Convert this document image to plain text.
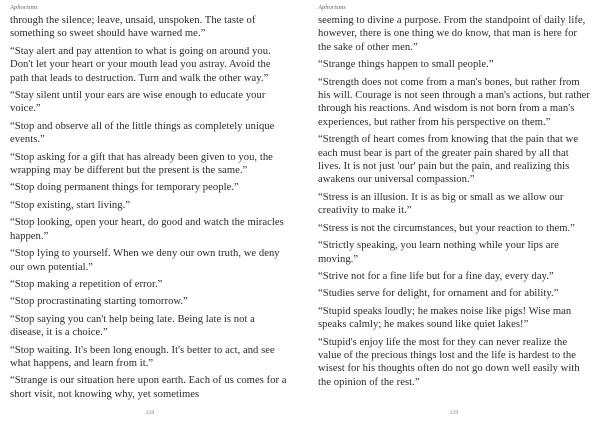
Aphorisms

through the silence; leave, unsaid, unspoken. The taste of something so sweet should have warned me.”

“Stay alert and pay attention to what is going on around you. Don't let your heart or your mouth lead you astray. Avoid the path that leads to destruction. Turn and walk the other way.”

“Stay silent until your ears are wise enough to educate your voice.”

“Stop and observe all of the little things as completely unique events.”

“Stop asking for a gift that has already been given to you, the wrapping may be different but the present is the same.”

“Stop doing permanent things for temporary people.”

“Stop existing, start living.”

“Stop looking, open your heart, do good and watch the miracles happen.”

“Stop lying to yourself. When we deny our own truth, we deny our own potential.”

“Stop making a repetition of error.”

“Stop procrastinating starting tomorrow.”

“Stop saying you can't help being late. Being late is not a disease, it is a choice.”

“Stop waiting. It's been long enough. It's better to act, and see what happens, and learn from it.”

“Strange is our situation here upon earth. Each of us comes for a short visit, not knowing why, yet sometimes

218
Aphorisms

seeming to divine a purpose. From the standpoint of daily life, however, there is one thing we do know, that man is here for the sake of other men.”

“Strange things happen to small people.”

“Strength does not come from a man's bones, but rather from his will. Courage is not seen through a man's actions, but rather through his reactions. And wisdom is not born from a man's experiences, but rather from his perspective on them.”

“Strength of heart comes from knowing that the pain that we each must bear is part of the greater pain shared by all that lives. It is not just 'our' pain but the pain, and realizing this awakens our universal compassion.”

“Stress is an illusion. It is as big or small as we allow our creativity to make it.”

“Stress is not the circumstances, but your reaction to them.”

“Strictly speaking, you learn nothing while your lips are moving.”

“Strive not for a fine life but for a fine day, every day.”

“Studies serve for delight, for ornament and for ability.”

“Stupid speaks loudly; he makes noise like pigs! Wise man speaks calmly; he makes sound like quiet lakes!”

“Stupid's enjoy life the most for they can never realize the value of the precious things lost and the life is hardest to the wisest for his thoughts often do not go down well easily with the opinion of the rest.”

219
